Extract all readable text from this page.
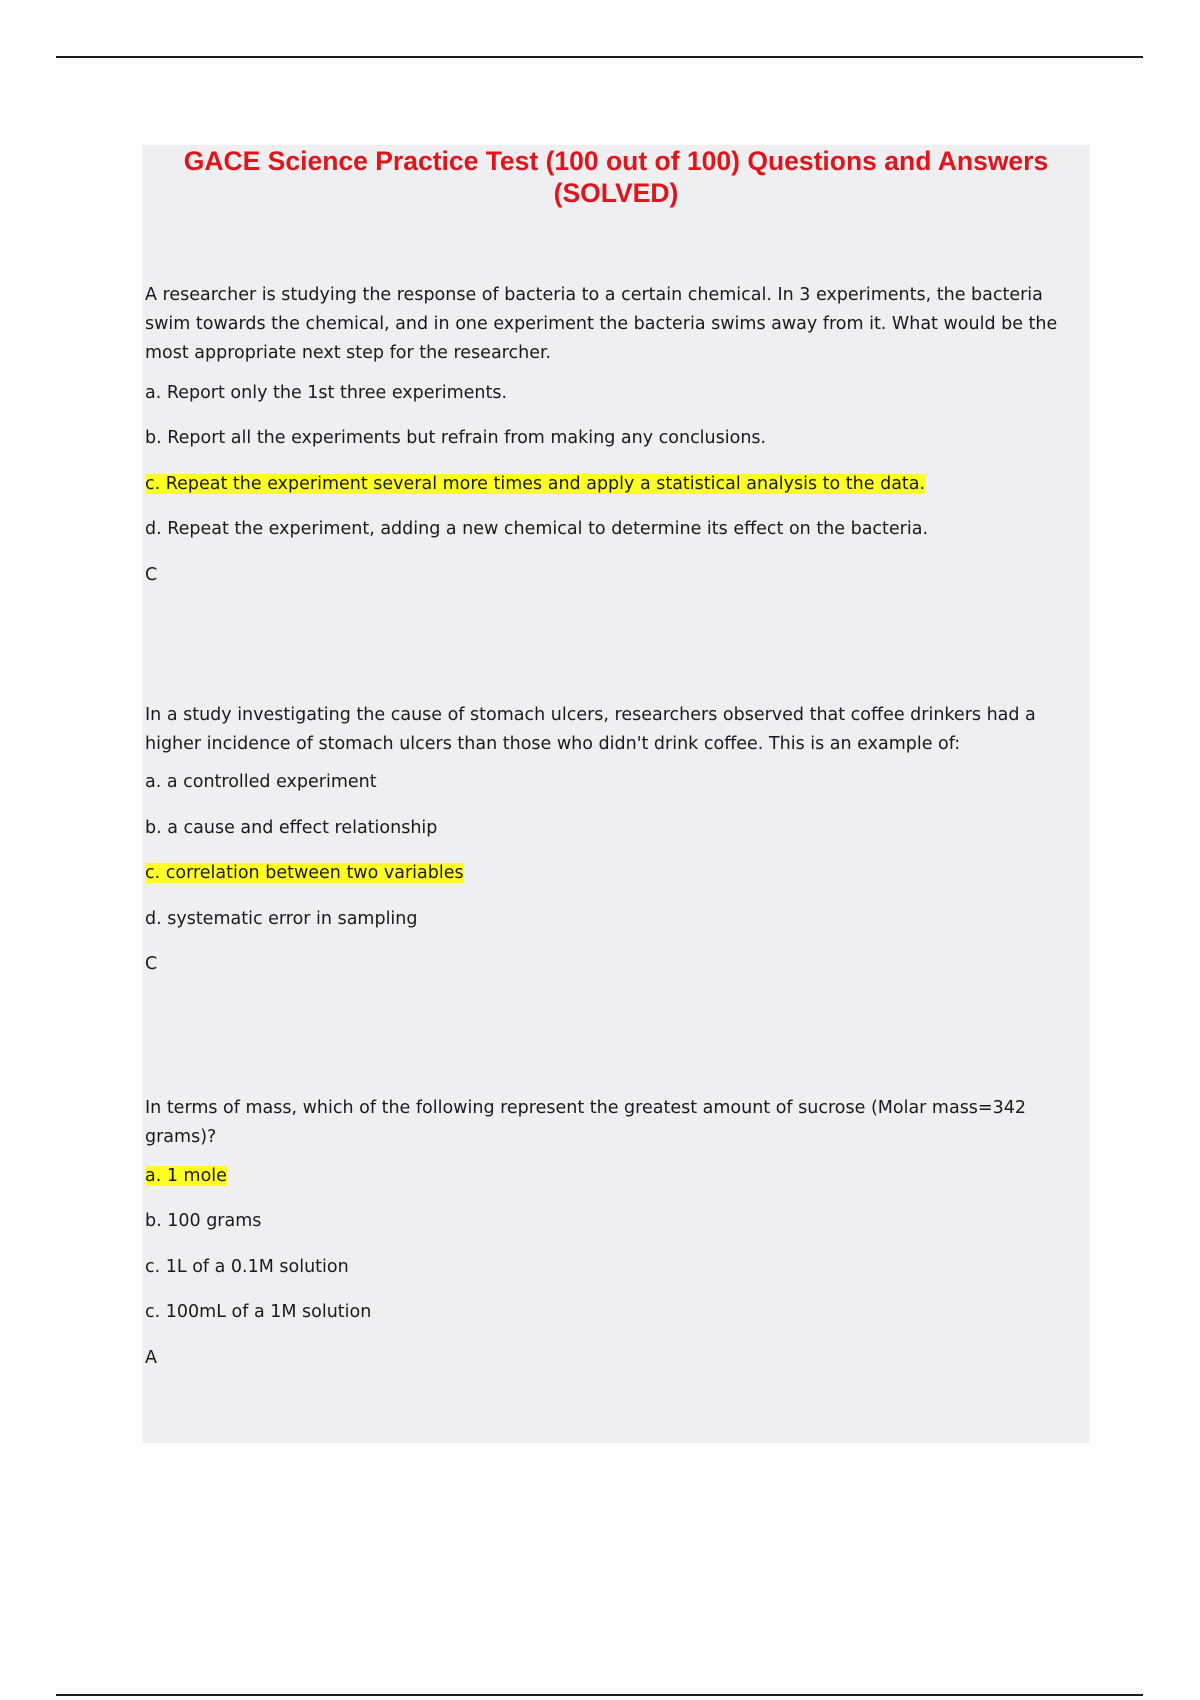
GACE Science Practice Test (100 out of 100) Questions and Answers (SOLVED)

A researcher is studying the response of bacteria to a certain chemical. In 3 experiments, the bacteria swim towards the chemical, and in one experiment the bacteria swims away from it. What would be the most appropriate next step for the researcher.

a. Report only the 1st three experiments.

b. Report all the experiments but refrain from making any conclusions.

c. Repeat the experiment several more times and apply a statistical analysis to the data.

d. Repeat the experiment, adding a new chemical to determine its effect on the bacteria.

C

In a study investigating the cause of stomach ulcers, researchers observed that coffee drinkers had a higher incidence of stomach ulcers than those who didn't drink coffee. This is an example of:

a. a controlled experiment

b. a cause and effect relationship

c. correlation between two variables

d. systematic error in sampling

C

In terms of mass, which of the following represent the greatest amount of sucrose (Molar mass=342 grams)?

a. 1 mole

b. 100 grams

c. 1L of a 0.1M solution

c. 100mL of a 1M solution

A
